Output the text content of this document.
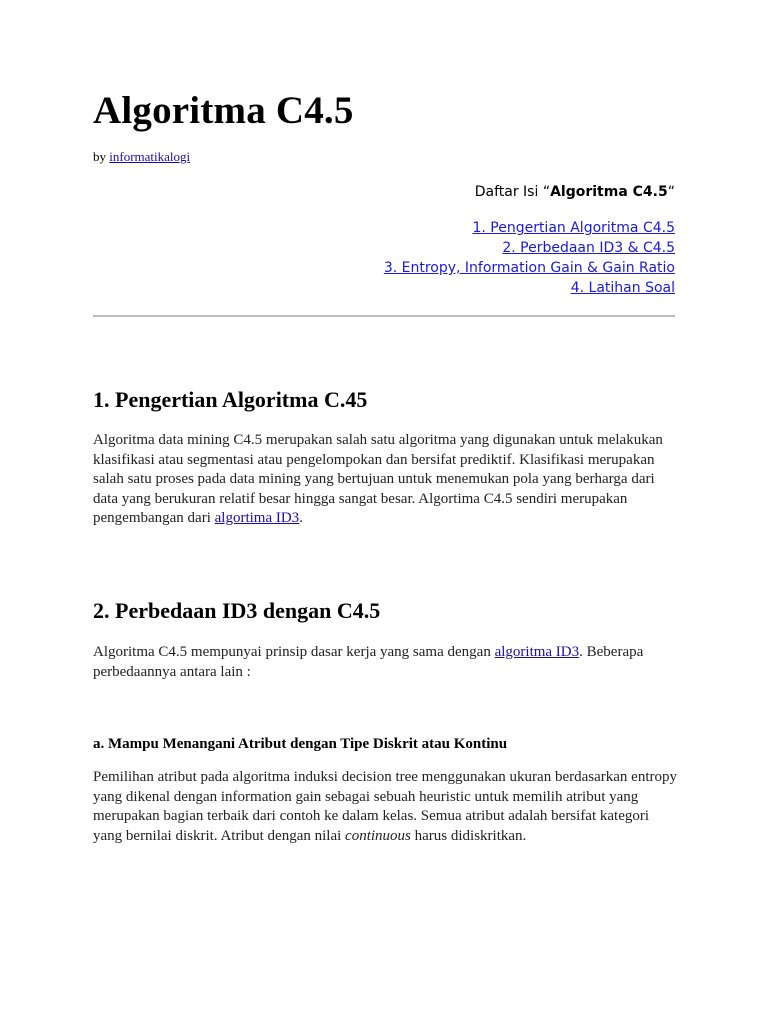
Algoritma C4.5
by informatikalogi
Daftar Isi “Algoritma C4.5“
1. Pengertian Algoritma C4.5
2. Perbedaan ID3 & C4.5
3. Entropy, Information Gain & Gain Ratio
4. Latihan Soal
1. Pengertian Algoritma C.45

Algoritma data mining C4.5 merupakan salah satu algoritma yang digunakan untuk melakukan klasifikasi atau segmentasi atau pengelompokan dan bersifat prediktif. Klasifikasi merupakan salah satu proses pada data mining yang bertujuan untuk menemukan pola yang berharga dari data yang berukuran relatif besar hingga sangat besar. Algortima C4.5 sendiri merupakan pengembangan dari algortima ID3.

2. Perbedaan ID3 dengan C4.5

Algoritma C4.5 mempunyai prinsip dasar kerja yang sama dengan algoritma ID3. Beberapa perbedaannya antara lain :

a. Mampu Menangani Atribut dengan Tipe Diskrit atau Kontinu

Pemilihan atribut pada algoritma induksi decision tree menggunakan ukuran berdasarkan entropy yang dikenal dengan information gain sebagai sebuah heuristic untuk memilih atribut yang merupakan bagian terbaik dari contoh ke dalam kelas. Semua atribut adalah bersifat kategori yang bernilai diskrit. Atribut dengan nilai continuous harus didiskritkan.
